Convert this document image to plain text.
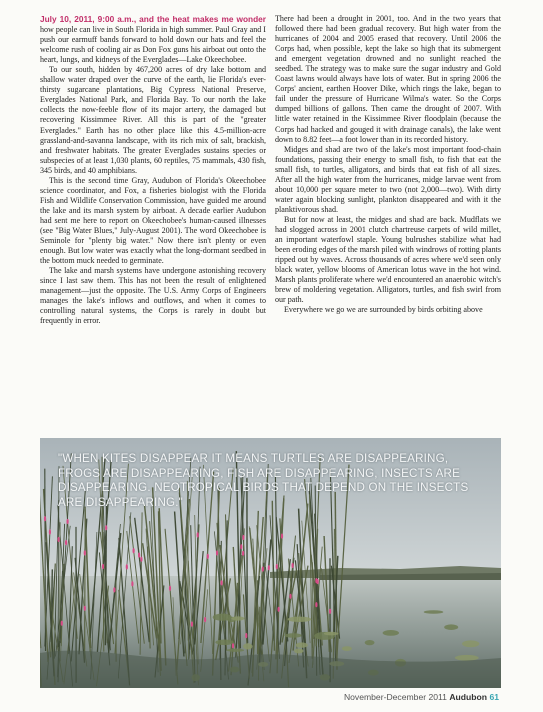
July 10, 2011, 9:00 a.m., and the heat makes me wonder how people can live in South Florida in high summer. Paul Gray and I push our earmuff bands forward to hold down our hats and feel the welcome rush of cooling air as Don Fox guns his airboat out onto the heart, lungs, and kidneys of the Everglades—Lake Okeechobee.

To our south, hidden by 467,200 acres of dry lake bottom and shallow water draped over the curve of the earth, lie Florida's ever-thirsty sugarcane plantations, Big Cypress National Preserve, Everglades National Park, and Florida Bay. To our north the lake collects the now-feeble flow of its major artery, the damaged but recovering Kissimmee River. All this is part of the "greater Everglades." Earth has no other place like this 4.5-million-acre grassland-and-savanna landscape, with its rich mix of salt, brackish, and freshwater habitats. The greater Everglades sustains species or subspecies of at least 1,030 plants, 60 reptiles, 75 mammals, 430 fish, 345 birds, and 40 amphibians.

This is the second time Gray, Audubon of Florida's Okeechobee science coordinator, and Fox, a fisheries biologist with the Florida Fish and Wildlife Conservation Commission, have guided me around the lake and its marsh system by airboat. A decade earlier Audubon had sent me here to report on Okeechobee's human-caused illnesses (see "Big Water Blues," July-August 2001). The word Okeechobee is Seminole for "plenty big water." Now there isn't plenty or even enough. But low water was exactly what the long-dormant seedbed in the bottom muck needed to germinate.

The lake and marsh systems have undergone astonishing recovery since I last saw them. This has not been the result of enlightened management—just the opposite. The U.S. Army Corps of Engineers manages the lake's inflows and outflows, and when it comes to controlling natural systems, the Corps is rarely in doubt but frequently in error.

There had been a drought in 2001, too. And in the two years that followed there had been gradual recovery. But high water from the hurricanes of 2004 and 2005 erased that recovery. Until 2006 the Corps had, when possible, kept the lake so high that its submergent and emergent vegetation drowned and no sunlight reached the seedbed. The strategy was to make sure the sugar industry and Gold Coast lawns would always have lots of water. But in spring 2006 the Corps' ancient, earthen Hoover Dike, which rings the lake, began to fail under the pressure of Hurricane Wilma's water. So the Corps dumped billions of gallons. Then came the drought of 2007. With little water retained in the Kissimmee River floodplain (because the Corps had hacked and gouged it with drainage canals), the lake went down to 8.82 feet—a foot lower than in its recorded history.

Midges and shad are two of the lake's most important food-chain foundations, passing their energy to small fish, to fish that eat the small fish, to turtles, alligators, and birds that eat fish of all sizes. After all the high water from the hurricanes, midge larvae went from about 10,000 per square meter to two (not 2,000—two). With dirty water again blocking sunlight, plankton disappeared and with it the planktivorous shad.

But for now at least, the midges and shad are back. Mudflats we had slogged across in 2001 clutch chartreuse carpets of wild millet, an important waterfowl staple. Young bulrushes stabilize what had been eroding edges of the marsh piled with windrows of rotting plants ripped out by waves. Across thousands of acres where we'd seen only black water, yellow blooms of American lotus wave in the hot wind. Marsh plants proliferate where we'd encountered an anaerobic witch's brew of moldering vegetation. Alligators, turtles, and fish swirl from our path.

Everywhere we go we are surrounded by birds orbiting above

"WHEN KITES DISAPPEAR IT MEANS TURTLES ARE DISAPPEARING, FROGS ARE DISAPPEARING, FISH ARE DISAPPEARING, INSECTS ARE DISAPPEARING. NEOTROPICAL BIRDS THAT DEPEND ON THE INSECTS ARE DISAPPEARING."
November-December 2011 Audubon 61
